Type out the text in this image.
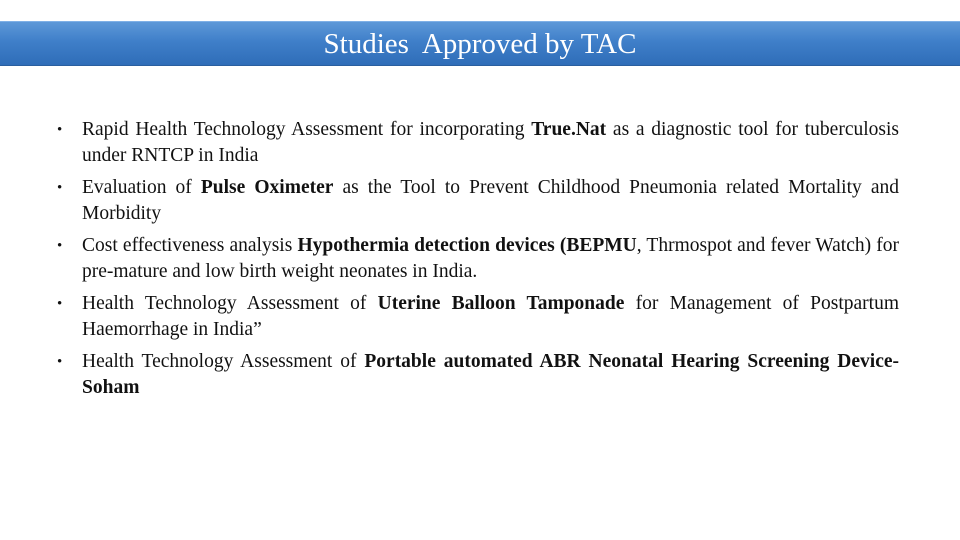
Studies  Approved by TAC
• Rapid Health Technology Assessment for incorporating True.Nat as a diagnostic tool for tuberculosis under RNTCP in India
• Evaluation of Pulse Oximeter as the Tool to Prevent Childhood Pneumonia related Mortality and Morbidity
• Cost effectiveness analysis Hypothermia detection devices (BEPMU, Thrmospot and fever Watch) for pre-mature and low birth weight neonates in India.
• Health Technology Assessment of Uterine Balloon Tamponade for Management of Postpartum Haemorrhage in India”
• Health Technology Assessment of Portable automated ABR Neonatal Hearing Screening Device-Soham
